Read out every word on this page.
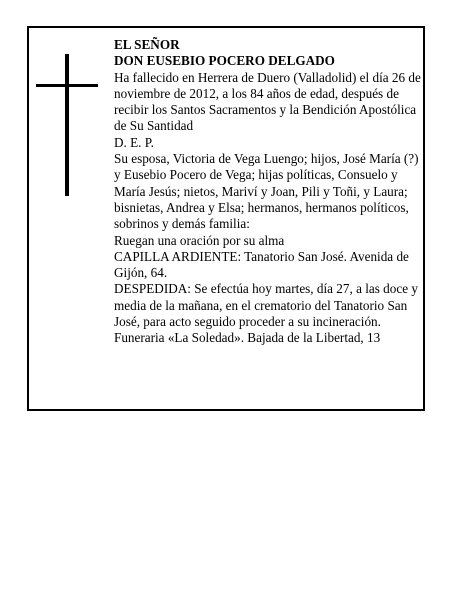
EL SEÑOR

DON EUSEBIO POCERO DELGADO

Ha fallecido en Herrera de Duero (Valladolid) el día 26 de noviembre de 2012, a los 84 años de edad, después de recibir los Santos Sacramentos y la Bendición Apostólica de Su Santidad

D. E. P.

Su esposa, Victoria de Vega Luengo; hijos, José María (?) y Eusebio Pocero de Vega; hijas políticas, Consuelo y María Jesús; nietos, Mariví y Joan, Pili y Toñi, y Laura; bisnietas, Andrea y Elsa; hermanos, hermanos políticos, sobrinos y demás familia:

Ruegan una oración por su alma

CAPILLA ARDIENTE: Tanatorio San José. Avenida de Gijón, 64.

DESPEDIDA: Se efectúa hoy martes, día 27, a las doce y media de la mañana, en el crematorio del Tanatorio San José, para acto seguido proceder a su incineración.

Funeraria «La Soledad». Bajada de la Libertad, 13
